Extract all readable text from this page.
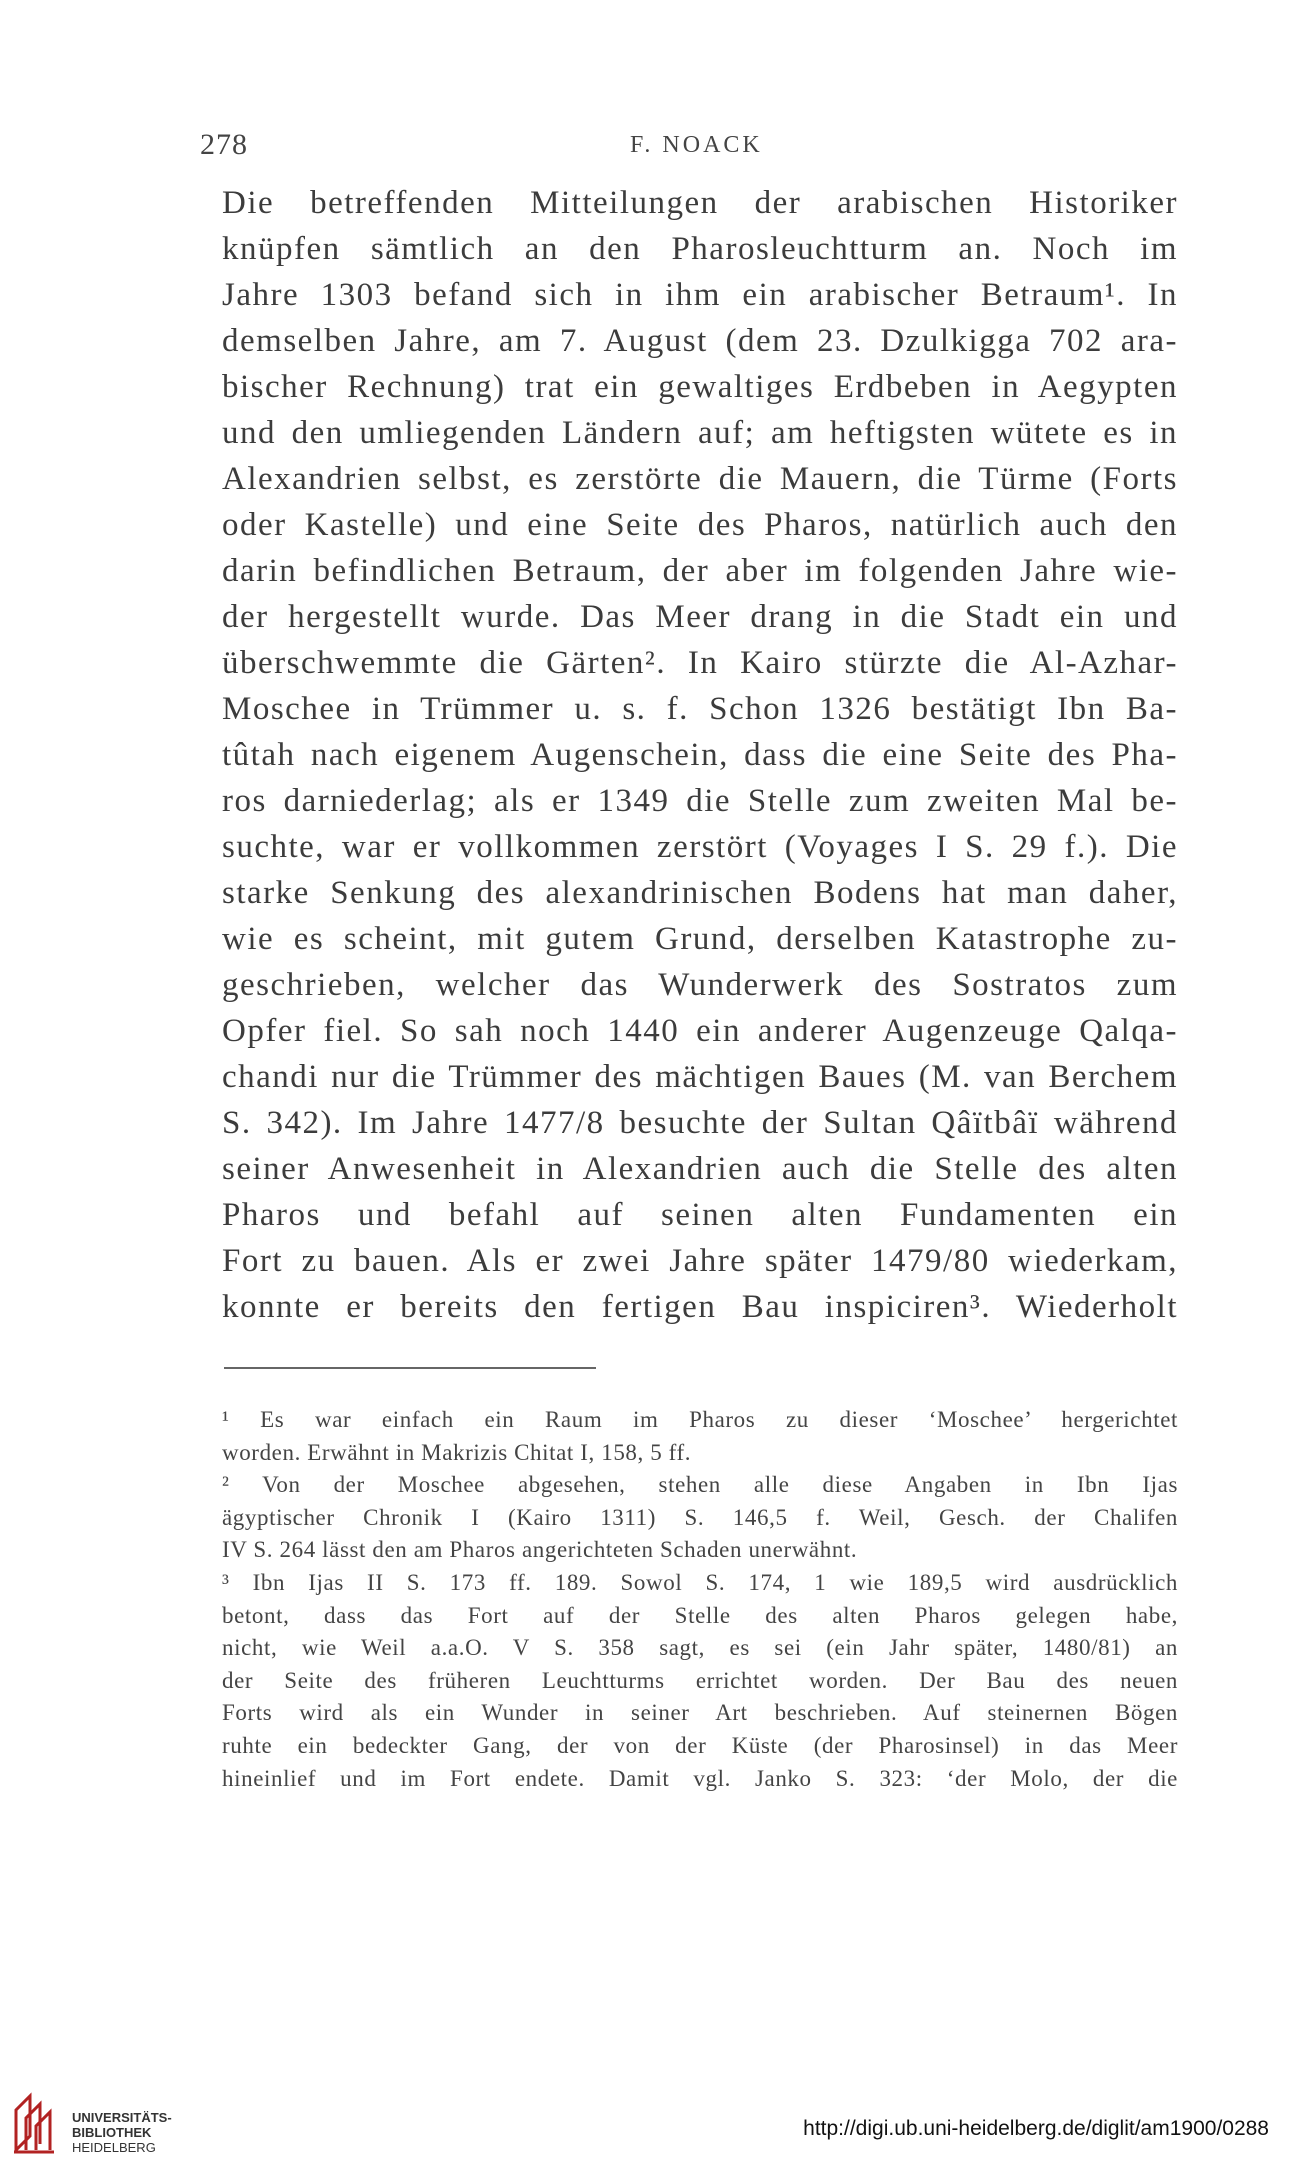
278	F. NOACK
Die betreffenden Mitteilungen der arabischen Historiker
knüpfen sämtlich an den Pharosleuchtturm an. Noch im
Jahre 1303 befand sich in ihm ein arabischer Betraum¹. In
demselben Jahre, am 7. August (dem 23. Dzulkigga 702 ara-
bischer Rechnung) trat ein gewaltiges Erdbeben in Aegypten
und den umliegenden Ländern auf; am heftigsten wütete es in
Alexandrien selbst, es zerstörte die Mauern, die Türme (Forts
oder Kastelle) und eine Seite des Pharos, natürlich auch den
darin befindlichen Betraum, der aber im folgenden Jahre wie-
der hergestellt wurde. Das Meer drang in die Stadt ein und
überschwemmte die Gärten². In Kairo stürzte die Al-Azhar-
Moschee in Trümmer u. s. f. Schon 1326 bestätigt Ibn Ba-
tûtah nach eigenem Augenschein, dass die eine Seite des Pha-
ros darniederlag; als er 1349 die Stelle zum zweiten Mal be-
suchte, war er vollkommen zerstört (Voyages I S. 29 f.). Die
starke Senkung des alexandrinischen Bodens hat man daher,
wie es scheint, mit gutem Grund, derselben Katastrophe zu-
geschrieben, welcher das Wunderwerk des Sostratos zum
Opfer fiel. So sah noch 1440 ein anderer Augenzeuge Qalqa-
chandi nur die Trümmer des mächtigen Baues (M. van Berchem
S. 342). Im Jahre 1477/8 besuchte der Sultan Qâïtbâï während
seiner Anwesenheit in Alexandrien auch die Stelle des alten
Pharos und befahl auf seinen alten Fundamenten ein
Fort zu bauen. Als er zwei Jahre später 1479/80 wiederkam,
konnte er bereits den fertigen Bau inspiciren³. Wiederholt
¹ Es war einfach ein Raum im Pharos zu dieser ‘Moschee’ hergerichtet
worden. Erwähnt in Makrizis Chitat I, 158, 5 ff.
² Von der Moschee abgesehen, stehen alle diese Angaben in Ibn Ijas
ägyptischer Chronik I (Kairo 1311) S. 146,5 f. Weil, Gesch. der Chalifen
IV S. 264 lässt den am Pharos angerichteten Schaden unerwähnt.
³ Ibn Ijas II S. 173 ff. 189. Sowol S. 174, 1 wie 189,5 wird ausdrücklich
betont, dass das Fort auf der Stelle des alten Pharos gelegen habe,
nicht, wie Weil a.a.O. V S. 358 sagt, es sei (ein Jahr später, 1480/81) an
der Seite des früheren Leuchtturms errichtet worden. Der Bau des neuen
Forts wird als ein Wunder in seiner Art beschrieben. Auf steinernen Bögen
ruhte ein bedeckter Gang, der von der Küste (der Pharosinsel) in das Meer
hineinlief und im Fort endete. Damit vgl. Janko S. 323: ‘der Molo, der die
UNIVERSITÄTS-
BIBLIOTHEK
HEIDELBERG
http://digi.ub.uni-heidelberg.de/diglit/am1900/0288
